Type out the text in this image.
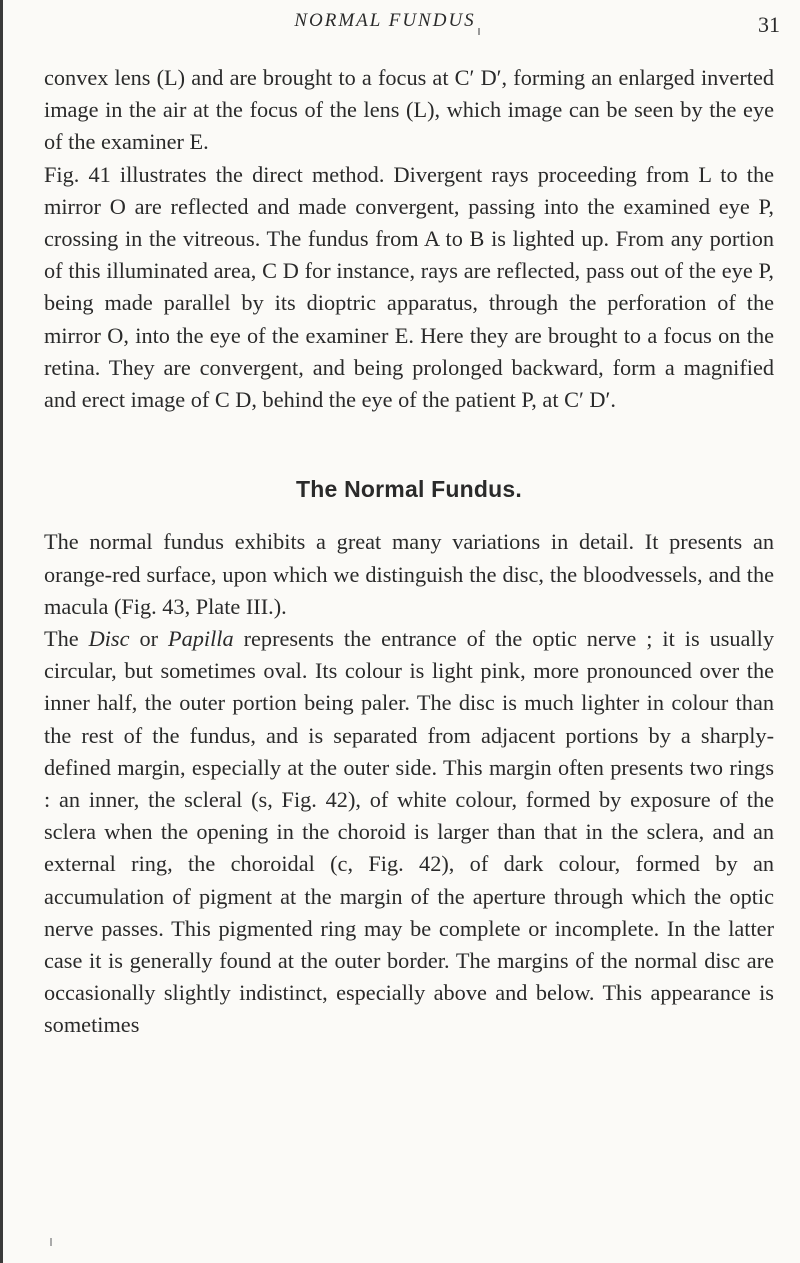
NORMAL FUNDUS	31

convex lens (L) and are brought to a focus at C′ D′, forming an enlarged inverted image in the air at the focus of the lens (L), which image can be seen by the eye of the examiner E.

Fig. 41 illustrates the direct method. Divergent rays proceeding from L to the mirror O are reflected and made convergent, passing into the examined eye P, crossing in the vitreous. The fundus from A to B is lighted up. From any portion of this illuminated area, C D for instance, rays are reflected, pass out of the eye P, being made parallel by its dioptric apparatus, through the perforation of the mirror O, into the eye of the examiner E. Here they are brought to a focus on the retina. They are convergent, and being prolonged backward, form a magnified and erect image of C D, behind the eye of the patient P, at C′ D′.

The Normal Fundus.

The normal fundus exhibits a great many variations in detail. It presents an orange-red surface, upon which we distinguish the disc, the bloodvessels, and the macula (Fig. 43, Plate III.).

The Disc or Papilla represents the entrance of the optic nerve ; it is usually circular, but sometimes oval. Its colour is light pink, more pronounced over the inner half, the outer portion being paler. The disc is much lighter in colour than the rest of the fundus, and is separated from adjacent portions by a sharply-defined margin, especially at the outer side. This margin often presents two rings : an inner, the scleral (s, Fig. 42), of white colour, formed by exposure of the sclera when the opening in the choroid is larger than that in the sclera, and an external ring, the choroidal (c, Fig. 42), of dark colour, formed by an accumulation of pigment at the margin of the aperture through which the optic nerve passes. This pigmented ring may be complete or incomplete. In the latter case it is generally found at the outer border. The margins of the normal disc are occasionally slightly indistinct, especially above and below. This appearance is sometimes
